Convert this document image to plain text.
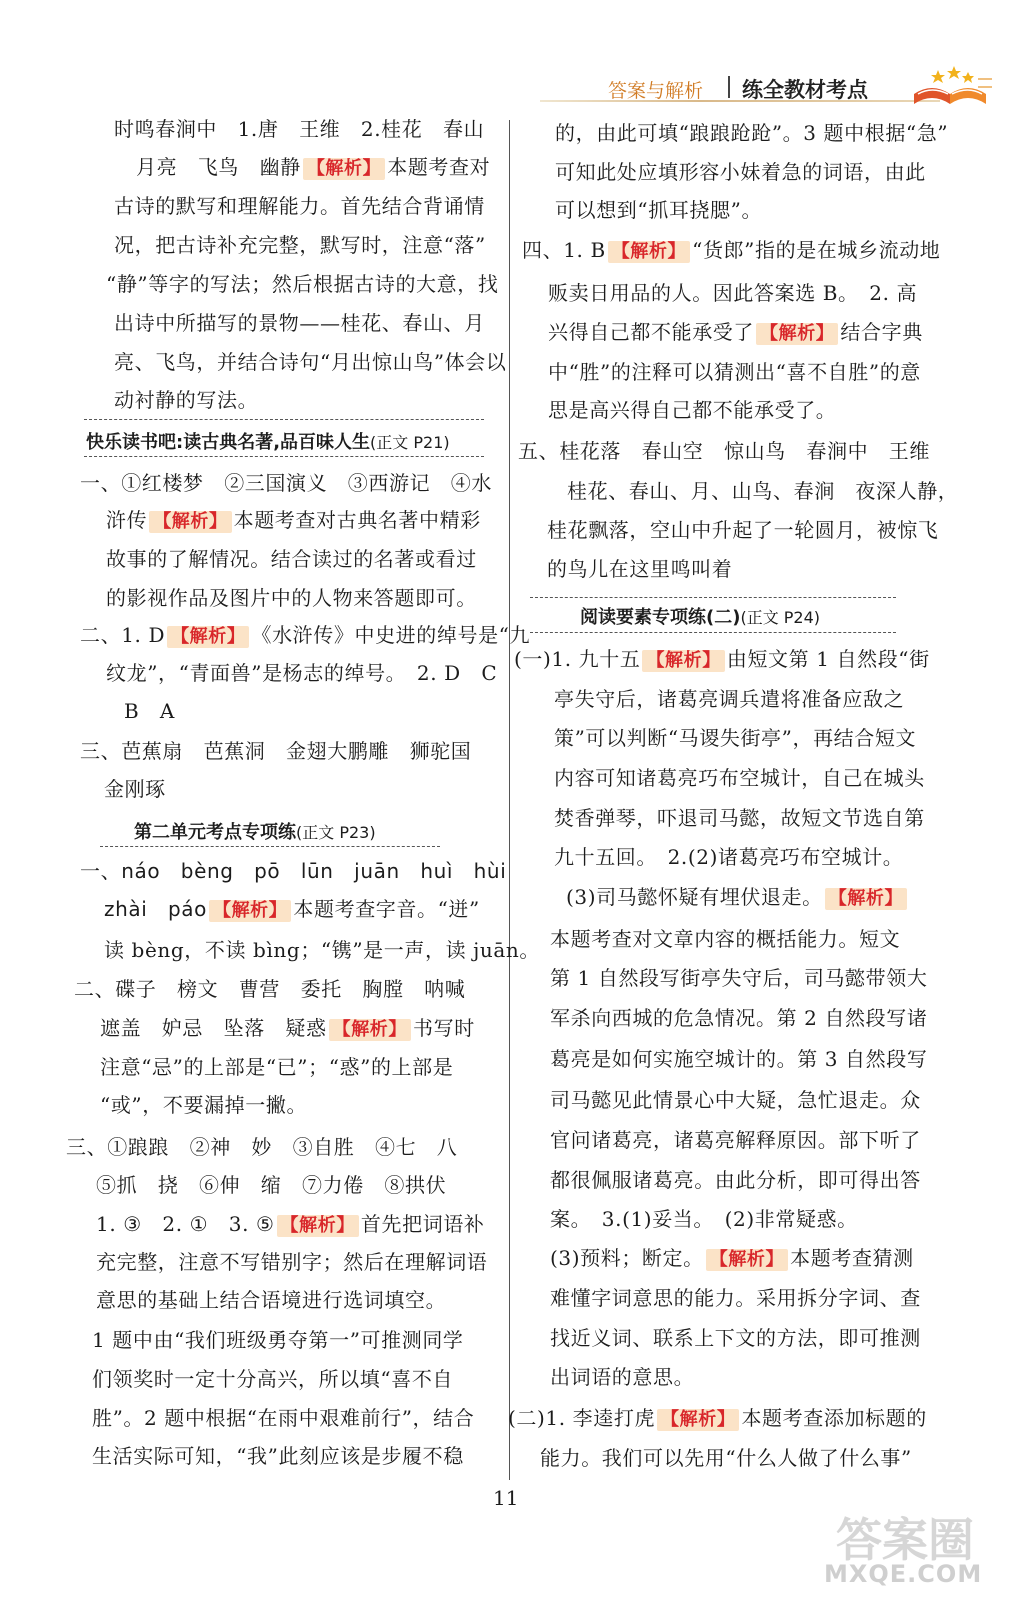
答案与解析 练全教材考点
时鸣春涧中　1.唐　王维　2.桂花　春山
月亮　飞鸟　幽静 【解析】 本题考查对
古诗的默写和理解能力。首先结合背诵情
况，把古诗补充完整，默写时，注意“落”
“静”等字的写法；然后根据古诗的大意，找
出诗中所描写的景物——桂花、春山、月
亮、飞鸟，并结合诗句“月出惊山鸟”体会以
动衬静的写法。
快乐读书吧:读古典名著,品百味人生(正文 P21)
一、①红楼梦　②三国演义　③西游记　④水
浒传 【解析】 本题考查对古典名著中精彩
故事的了解情况。结合读过的名著或看过
的影视作品及图片中的人物来答题即可。
二、1. D 【解析】 《水浒传》中史进的绰号是“九
纹龙”，“青面兽”是杨志的绰号。　2. D　C
B　A
三、芭蕉扇　芭蕉洞　金翅大鹏雕　狮驼国
金刚琢
第二单元考点专项练(正文 P23)
一、náo　bèng　pō　lūn　juān　huì　hùi
zhài　páo 【解析】 本题考查字音。“迸”
读 bèng，不读 bìng；“镌”是一声，读 juān。
二、碟子　榜文　曹营　委托　胸膛　呐喊
遮盖　妒忌　坠落　疑惑 【解析】 书写时
注意“忌”的上部是“已”；“惑”的上部是
“或”，不要漏掉一撇。
三、①踉踉　②神　妙　③自胜　④七　八
⑤抓　挠　⑥伸　缩　⑦力倦　⑧拱伏
1. ③　2. ①　3. ⑤ 【解析】 首先把词语补
充完整，注意不写错别字；然后在理解词语
意思的基础上结合语境进行选词填空。
1 题中由“我们班级勇夺第一”可推测同学
们领奖时一定十分高兴，所以填“喜不自
胜”。2 题中根据“在雨中艰难前行”，结合
生活实际可知，“我”此刻应该是步履不稳
的，由此可填“踉踉跄跄”。3 题中根据“急”
可知此处应填形容小妹着急的词语，由此
可以想到“抓耳挠腮”。
四、1. B 【解析】 “货郎”指的是在城乡流动地
贩卖日用品的人。因此答案选 B。　2. 高
兴得自己都不能承受了 【解析】 结合字典
中“胜”的注释可以猜测出“喜不自胜”的意
思是高兴得自己都不能承受了。
五、桂花落　春山空　惊山鸟　春涧中　王维
桂花、春山、月、山鸟、春涧　夜深人静，
桂花飘落，空山中升起了一轮圆月，被惊飞
的鸟儿在这里鸣叫着
阅读要素专项练(二)(正文 P24)
(一)1. 九十五 【解析】 由短文第 1 自然段“街
亭失守后，诸葛亮调兵遣将准备应敌之
策”可以判断“马谡失街亭”，再结合短文
内容可知诸葛亮巧布空城计，自己在城头
焚香弹琴，吓退司马懿，故短文节选自第
九十五回。　2.(2)诸葛亮巧布空城计。
(3)司马懿怀疑有埋伏退走。 【解析】
本题考查对文章内容的概括能力。短文
第 1 自然段写街亭失守后，司马懿带领大
军杀向西城的危急情况。第 2 自然段写诸
葛亮是如何实施空城计的。第 3 自然段写
司马懿见此情景心中大疑，急忙退走。众
官问诸葛亮，诸葛亮解释原因。部下听了
都很佩服诸葛亮。由此分析，即可得出答
案。　3.(1)妥当。　(2)非常疑惑。
(3)预料；断定。 【解析】 本题考查猜测
难懂字词意思的能力。采用拆分字词、查
找近义词、联系上下文的方法，即可推测
出词语的意思。
(二)1. 李逵打虎 【解析】 本题考查添加标题的
能力。我们可以先用“什么人做了什么事”
11
答案圈
MXQE.COM
